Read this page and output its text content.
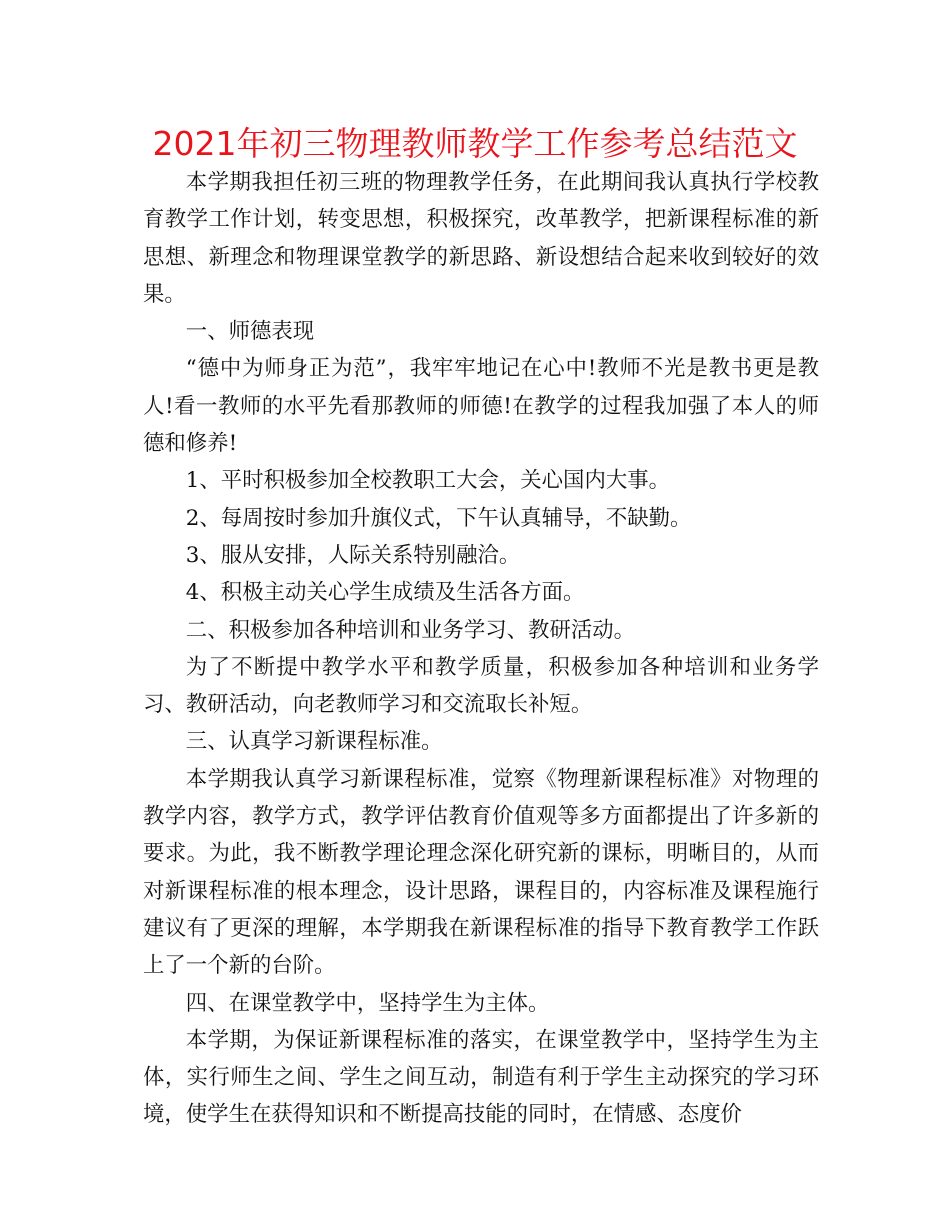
2021年初三物理教师教学工作参考总结范文

本学期我担任初三班的物理教学任务，在此期间我认真执行学校教育教学工作计划，转变思想，积极探究，改革教学，把新课程标准的新思想、新理念和物理课堂教学的新思路、新设想结合起来收到较好的效果。

一、师德表现

“德中为师身正为范”，我牢牢地记在心中!教师不光是教书更是教人!看一教师的水平先看那教师的师德!在教学的过程我加强了本人的师德和修养!

1、平时积极参加全校教职工大会，关心国内大事。

2、每周按时参加升旗仪式，下午认真辅导，不缺勤。

3、服从安排，人际关系特别融洽。

4、积极主动关心学生成绩及生活各方面。

二、积极参加各种培训和业务学习、教研活动。

为了不断提中教学水平和教学质量，积极参加各种培训和业务学习、教研活动，向老教师学习和交流取长补短。

三、认真学习新课程标准。

本学期我认真学习新课程标准，觉察《物理新课程标准》对物理的教学内容，教学方式，教学评估教育价值观等多方面都提出了许多新的要求。为此，我不断教学理论理念深化研究新的课标，明晰目的，从而对新课程标准的根本理念，设计思路，课程目的，内容标准及课程施行建议有了更深的理解，本学期我在新课程标准的指导下教育教学工作跃上了一个新的台阶。

四、在课堂教学中，坚持学生为主体。

本学期，为保证新课程标准的落实，在课堂教学中，坚持学生为主体，实行师生之间、学生之间互动，制造有利于学生主动探究的学习环境，使学生在获得知识和不断提高技能的同时，在情感、态度价
